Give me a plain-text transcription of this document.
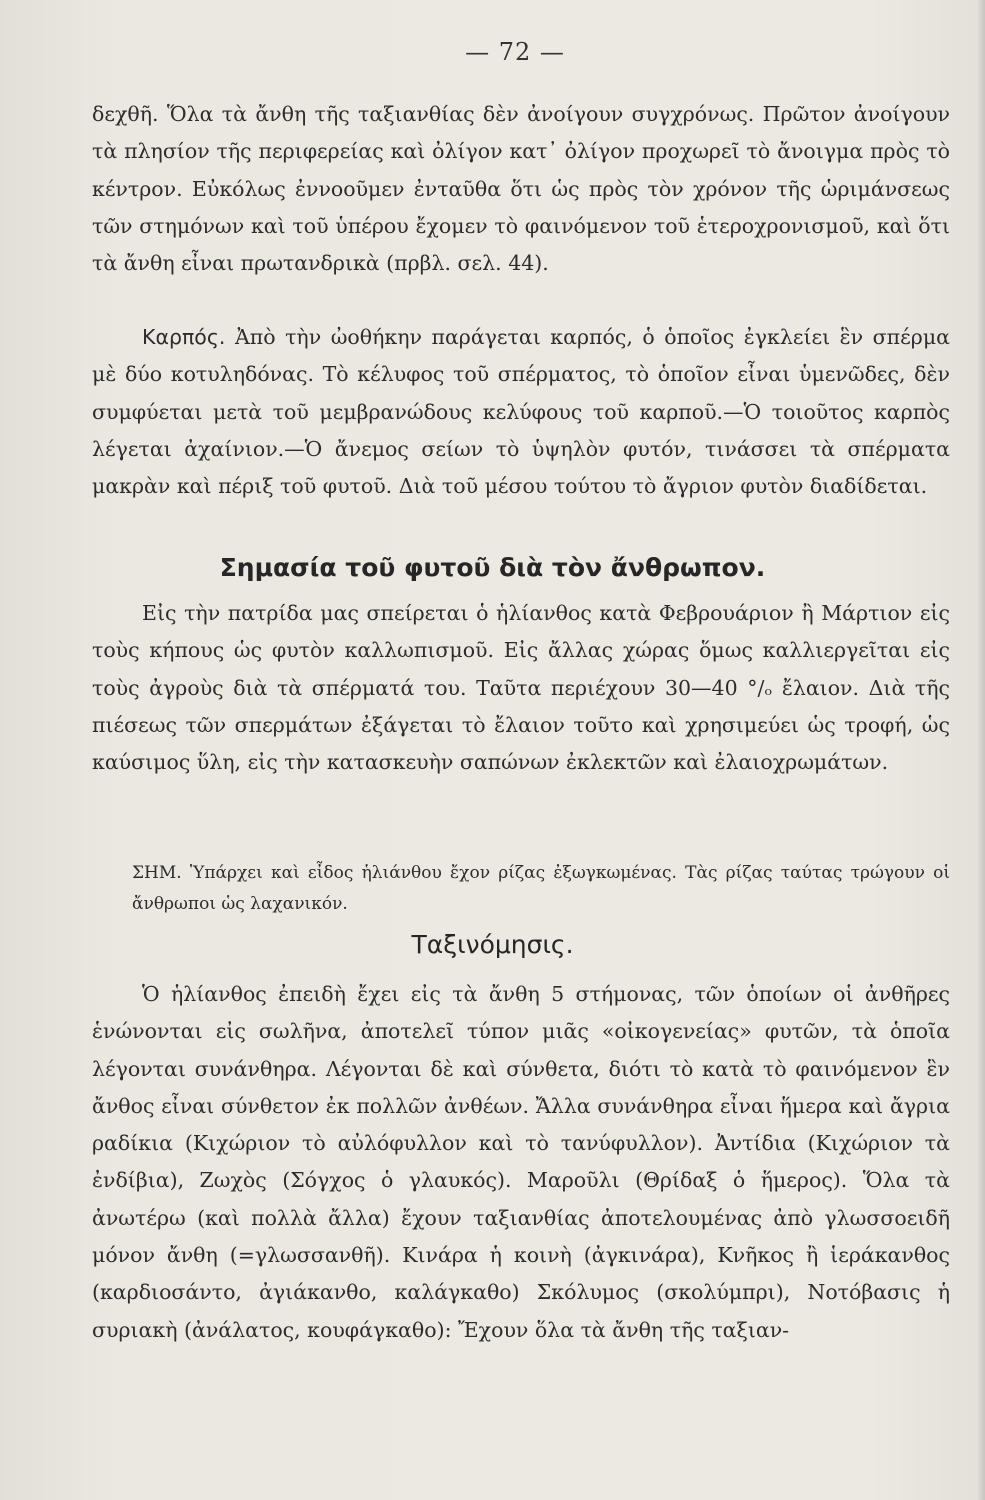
— 72 —

δεχθῆ. Ὅλα τὰ ἄνθη τῆς ταξιανθίας δὲν ἀνοίγουν συγχρόνως. Πρῶτον ἀνοίγουν τὰ πλησίον τῆς περιφερείας καὶ ὀλίγον κατ᾿ ὀλίγον προχωρεῖ τὸ ἄνοιγμα πρὸς τὸ κέντρον. Εὐκόλως ἐννοοῦμεν ἐνταῦθα ὅτι ὡς πρὸς τὸν χρόνον τῆς ὡριμάνσεως τῶν στημόνων καὶ τοῦ ὑπέρου ἔχομεν τὸ φαινόμενον τοῦ ἑτεροχρονισμοῦ, καὶ ὅτι τὰ ἄνθη εἶναι πρωτανδρικὰ (πρβλ. σελ. 44).

Καρπός. Ἀπὸ τὴν ὠοθήκην παράγεται καρπός, ὁ ὁποῖος ἐγκλείει ἓν σπέρμα μὲ δύο κοτυληδόνας. Τὸ κέλυφος τοῦ σπέρματος, τὸ ὁποῖον εἶναι ὑμενῶδες, δὲν συμφύεται μετὰ τοῦ μεμβρανώδους κελύφους τοῦ καρποῦ.—Ὁ τοιοῦτος καρπὸς λέγεται ἀχαίνιον.—Ὁ ἄνεμος σείων τὸ ὑψηλὸν φυτόν, τινάσσει τὰ σπέρματα μακρὰν καὶ πέριξ τοῦ φυτοῦ. Διὰ τοῦ μέσου τούτου τὸ ἄγριον φυτὸν διαδίδεται.

Σημασία τοῦ φυτοῦ διὰ τὸν ἄνθρωπον.

Εἰς τὴν πατρίδα μας σπείρεται ὁ ἡλίανθος κατὰ Φεβρουάριον ἢ Μάρτιον εἰς τοὺς κήπους ὡς φυτὸν καλλωπισμοῦ. Εἰς ἄλλας χώρας ὅμως καλλιεργεῖται εἰς τοὺς ἀγροὺς διὰ τὰ σπέρματά του. Ταῦτα περιέχουν 30—40 °/ₒ ἔλαιον. Διὰ τῆς πιέσεως τῶν σπερμάτων ἐξάγεται τὸ ἔλαιον τοῦτο καὶ χρησιμεύει ὡς τροφή, ὡς καύσιμος ὕλη, εἰς τὴν κατασκευὴν σαπώνων ἐκλεκτῶν καὶ ἐλαιοχρωμάτων.

ΣΗΜ. Ὑπάρχει καὶ εἶδος ἡλιάνθου ἔχον ρίζας ἐξωγκωμένας. Τὰς ρίζας ταύτας τρώγουν οἱ ἄνθρωποι ὡς λαχανικόν.

Ταξινόμησις.

Ὁ ἡλίανθος ἐπειδὴ ἔχει εἰς τὰ ἄνθη 5 στήμονας, τῶν ὁποίων οἱ ἀνθῆρες ἑνώνονται εἰς σωλῆνα, ἀποτελεῖ τύπον μιᾶς «οἰκογενείας» φυτῶν, τὰ ὁποῖα λέγονται συνάνθηρα. Λέγονται δὲ καὶ σύνθετα, διότι τὸ κατὰ τὸ φαινόμενον ἓν ἄνθος εἶναι σύνθετον ἐκ πολλῶν ἀνθέων. Ἄλλα συνάνθηρα εἶναι ἥμερα καὶ ἄγρια ραδίκια (Κιχώριον τὸ αὐλόφυλλον καὶ τὸ τανύφυλλον). Ἀντίδια (Κιχώριον τὰ ἐνδίβια), Ζωχὸς (Σόγχος ὁ γλαυκός). Μαροῦλι (Θρίδαξ ὁ ἥμερος). Ὅλα τὰ ἀνωτέρω (καὶ πολλὰ ἄλλα) ἔχουν ταξιανθίας ἀποτελουμένας ἀπὸ γλωσσοειδῆ μόνον ἄνθη (=γλωσσανθῆ). Κινάρα ἡ κοινὴ (ἀγκινάρα), Κνῆκος ἢ ἱεράκανθος (καρδιοσάντο, ἀγιάκανθο, καλάγκαθο) Σκόλυμος (σκολύμπρι), Νοτόβασις ἡ συριακὴ (ἀνάλατος, κουφάγκαθο): Ἔχουν ὅλα τὰ ἄνθη τῆς ταξιαν-
